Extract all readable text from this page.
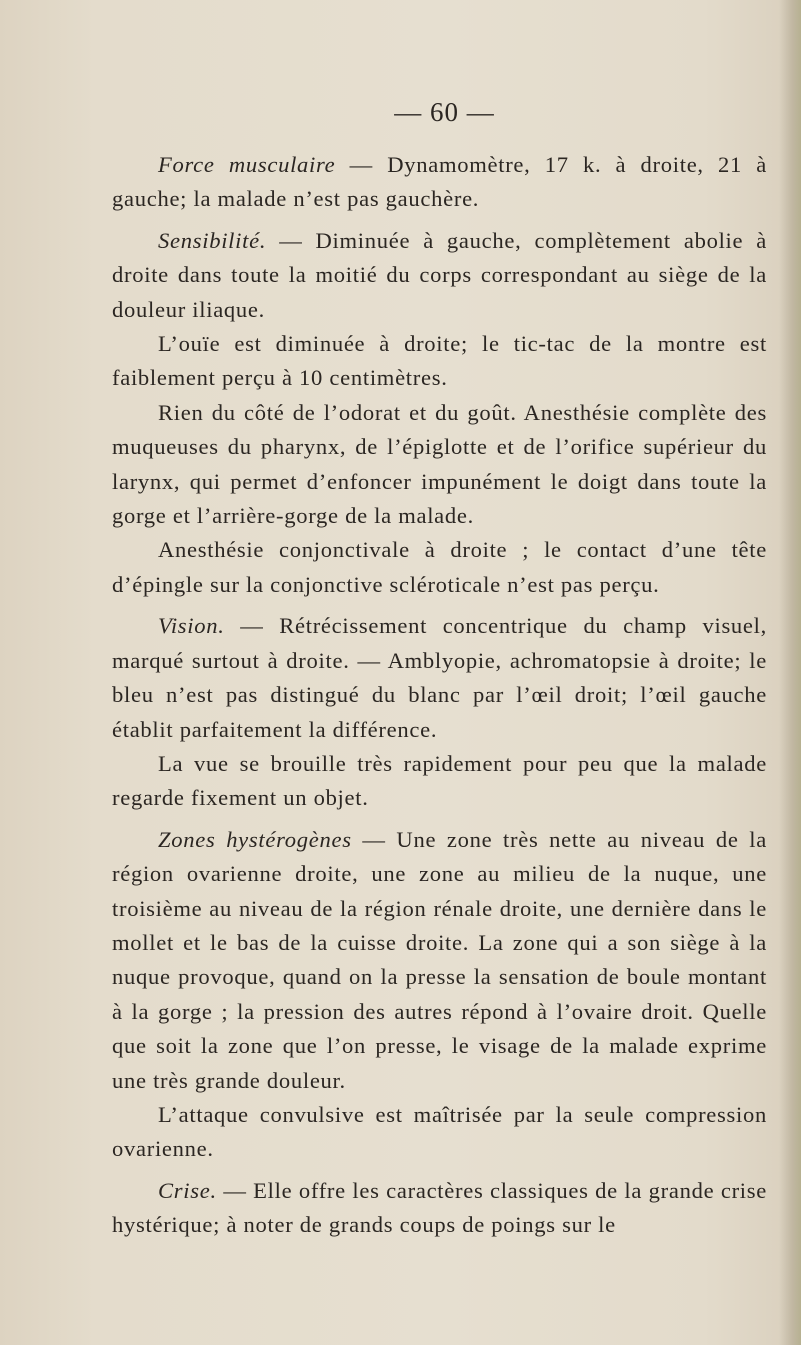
— 60 —

Force musculaire — Dynamomètre, 17 k. à droite, 21 à gauche; la malade n’est pas gauchère.

Sensibilité. — Diminuée à gauche, complètement abolie à droite dans toute la moitié du corps correspondant au siège de la douleur iliaque.

L’ouïe est diminuée à droite; le tic-tac de la montre est faiblement perçu à 10 centimètres.

Rien du côté de l’odorat et du goût. Anesthésie complète des muqueuses du pharynx, de l’épiglotte et de l’orifice supérieur du larynx, qui permet d’enfoncer impunément le doigt dans toute la gorge et l’arrière-gorge de la malade.

Anesthésie conjonctivale à droite ; le contact d’une tête d’épingle sur la conjonctive scléroticale n’est pas perçu.

Vision. — Rétrécissement concentrique du champ visuel, marqué surtout à droite. — Amblyopie, achromatopsie à droite; le bleu n’est pas distingué du blanc par l’œil droit; l’œil gauche établit parfaitement la différence.

La vue se brouille très rapidement pour peu que la malade regarde fixement un objet.

Zones hystérogènes — Une zone très nette au niveau de la région ovarienne droite, une zone au milieu de la nuque, une troisième au niveau de la région rénale droite, une dernière dans le mollet et le bas de la cuisse droite. La zone qui a son siège à la nuque provoque, quand on la presse la sensation de boule montant à la gorge ; la pression des autres répond à l’ovaire droit. Quelle que soit la zone que l’on presse, le visage de la malade exprime une très grande douleur.

L’attaque convulsive est maîtrisée par la seule compression ovarienne.

Crise. — Elle offre les caractères classiques de la grande crise hystérique; à noter de grands coups de poings sur le
